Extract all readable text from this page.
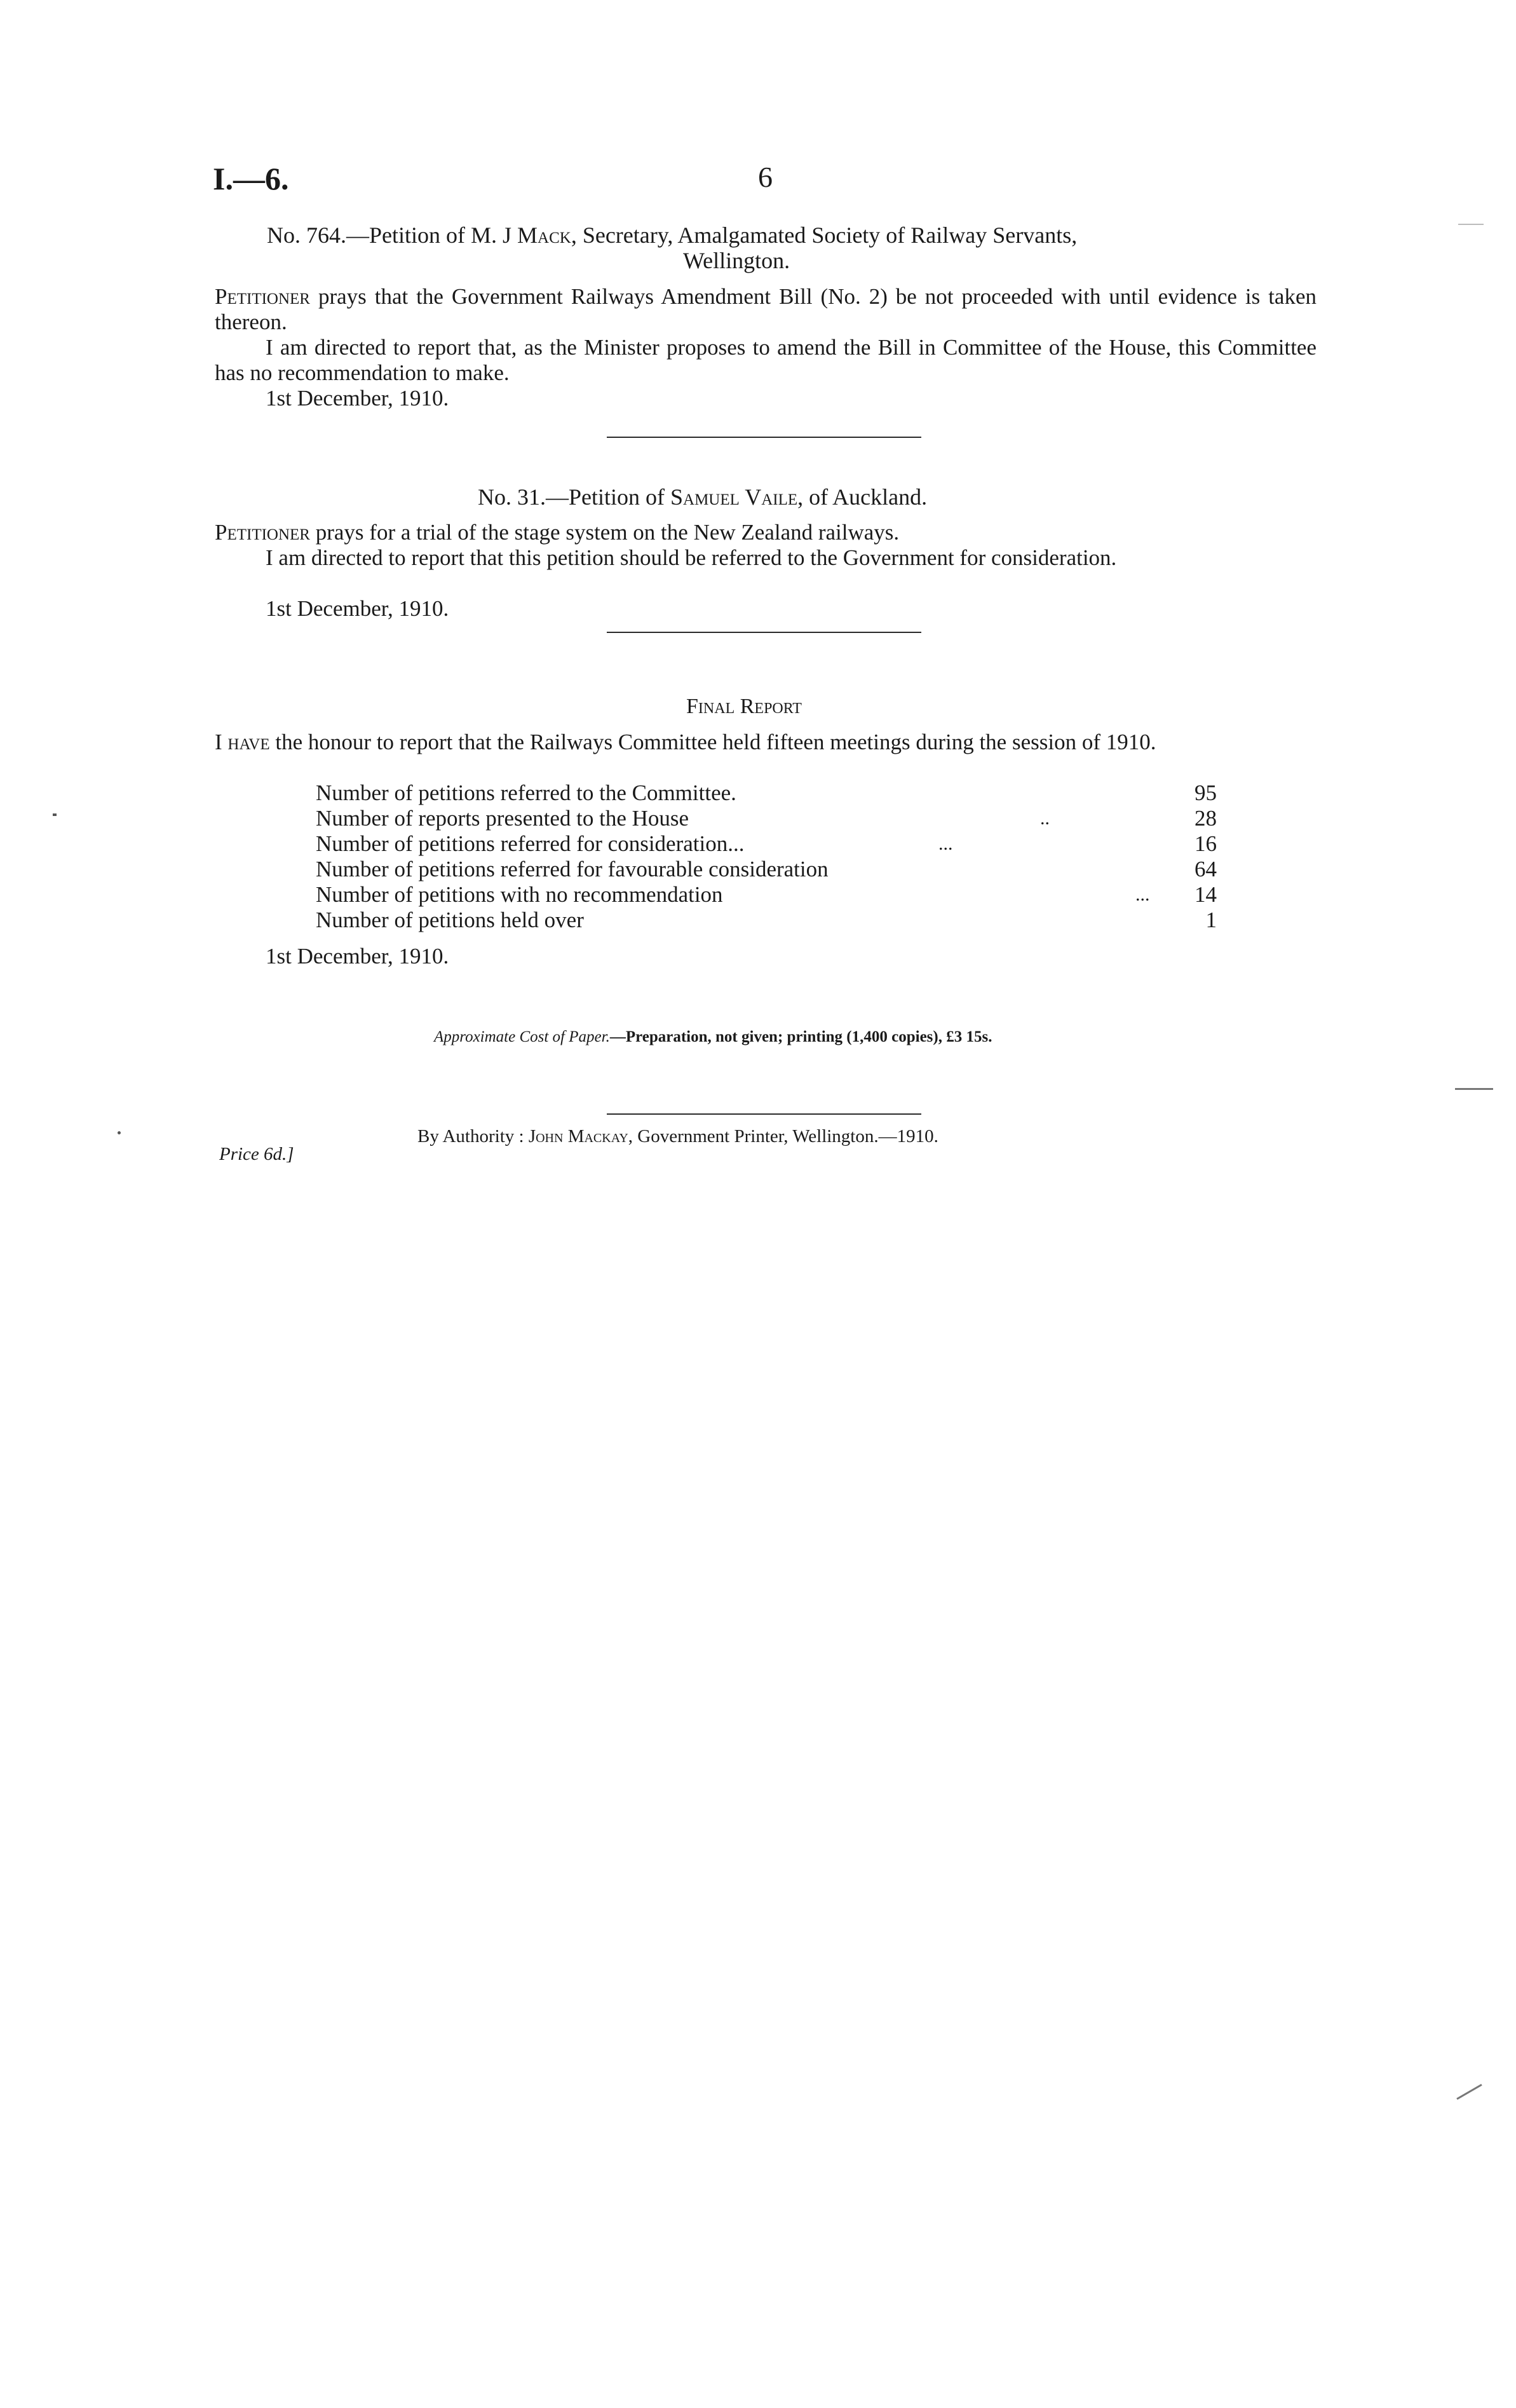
I.—6.	6
No. 764.—Petition of M. J Mack, Secretary, Amalgamated Society of Railway Servants,
Wellington.
Petitioner prays that the Government Railways Amendment Bill (No. 2) be not proceeded with until evidence is taken thereon.
I am directed to report that, as the Minister proposes to amend the Bill in Committee of the House, this Committee has no recommendation to make.
1st December, 1910.
No. 31.—Petition of Samuel Vaile, of Auckland.
Petitioner prays for a trial of the stage system on the New Zealand railways.
I am directed to report that this petition should be referred to the Government for consideration.
1st December, 1910.
Final Report
I have the honour to report that the Railways Committee held fifteen meetings during the session of 1910.
Number of petitions referred to the Committee.	95
Number of reports presented to the House	..	28
Number of petitions referred for consideration...	...	16
Number of petitions referred for favourable consideration	64
Number of petitions with no recommendation	...	14
Number of petitions held over	1
1st December, 1910.
Approximate Cost of Paper.—Preparation, not given; printing (1,400 copies), £3 15s.
By Authority : John Mackay, Government Printer, Wellington.—1910.
Price 6d.]
